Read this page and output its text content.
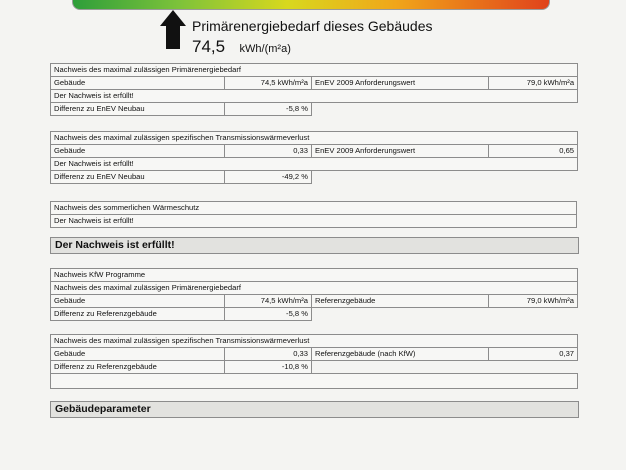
Primärenergiebedarf dieses Gebäudes
74,5 kWh/(m²a)
Nachweis des maximal zulässigen Primärenergiebedarf			
Gebäude	74,5 kWh/m²a	EnEV 2009 Anforderungswert	79,0 kWh/m²a
Der Nachweis ist erfüllt!			
Differenz zu EnEV Neubau	-5,8 %		
Nachweis des maximal zulässigen spezifischen Transmissionswärmeverlust			
Gebäude	0,33	EnEV 2009 Anforderungswert	0,65
Der Nachweis ist erfüllt!			
Differenz zu EnEV Neubau	-49,2 %		
Nachweis des sommerlichen Wärmeschutz
Der Nachweis ist erfüllt!
Der Nachweis ist erfüllt!
Nachweis KfW Programme			
Nachweis des maximal zulässigen Primärenergiebedarf			
Gebäude	74,5 kWh/m²a	Referenzgebäude	79,0 kWh/m²a
Differenz zu Referenzgebäude	-5,8 %		
Nachweis des maximal zulässigen spezifischen Transmissionswärmeverlust			
Gebäude	0,33	Referenzgebäude (nach KfW)	0,37
Differenz zu Referenzgebäude	-10,8 %		

Gebäudeparameter
